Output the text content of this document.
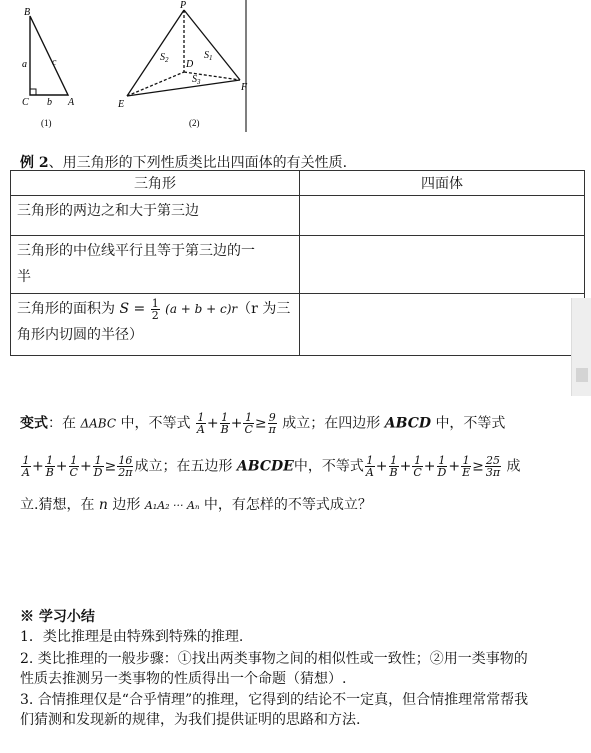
B
a	c
C b A
(1)
P
$S_2$	$S_1$
D
$S_3$
E
F
(2)
例 2、用三角形的下列性质类比出四面体的有关性质.
三角形	四面体
三角形的两边之和大于第三边	
三角形的中位线平行且等于第三边的一
半	
三角形的面积为 $S = \frac{1}{2} (a + b + c)r(r$ 为三
角形内切圆的半径）	
变式：在 ΔABC 中，不等式 $\frac{1}{A} + \frac{1}{B} + \frac{1}{C} \ge \frac{9}{\pi}$ 成立；在四边形 ABCD 中，不等式
$\frac{1}{A} + \frac{1}{B} + \frac{1}{C} + \frac{1}{D} \ge \frac{16}{2\pi}$ 成立；在五边形 ABCDE中，不等式 $\frac{1}{A} + \frac{1}{B} + \frac{1}{C} + \frac{1}{D} + \frac{1}{E} \ge \frac{25}{3\pi}$ 成
立.猜想，在 n 边形 A₁A₂ ··· Aₙ 中，有怎样的不等式成立？
※ 学习小结
1．类比推理是由特殊到特殊的推理.
2. 类比推理的一般步骤：①找出两类事物之间的相似性或一致性；②用一类事物的
性质去推测另一类事物的性质得出一个命题（猜想）.
3. 合情推理仅是“合乎情理”的推理，它得到的结论不一定真，但合情推理常常帮我
们猜测和发现新的规律，为我们提供证明的思路和方法.
